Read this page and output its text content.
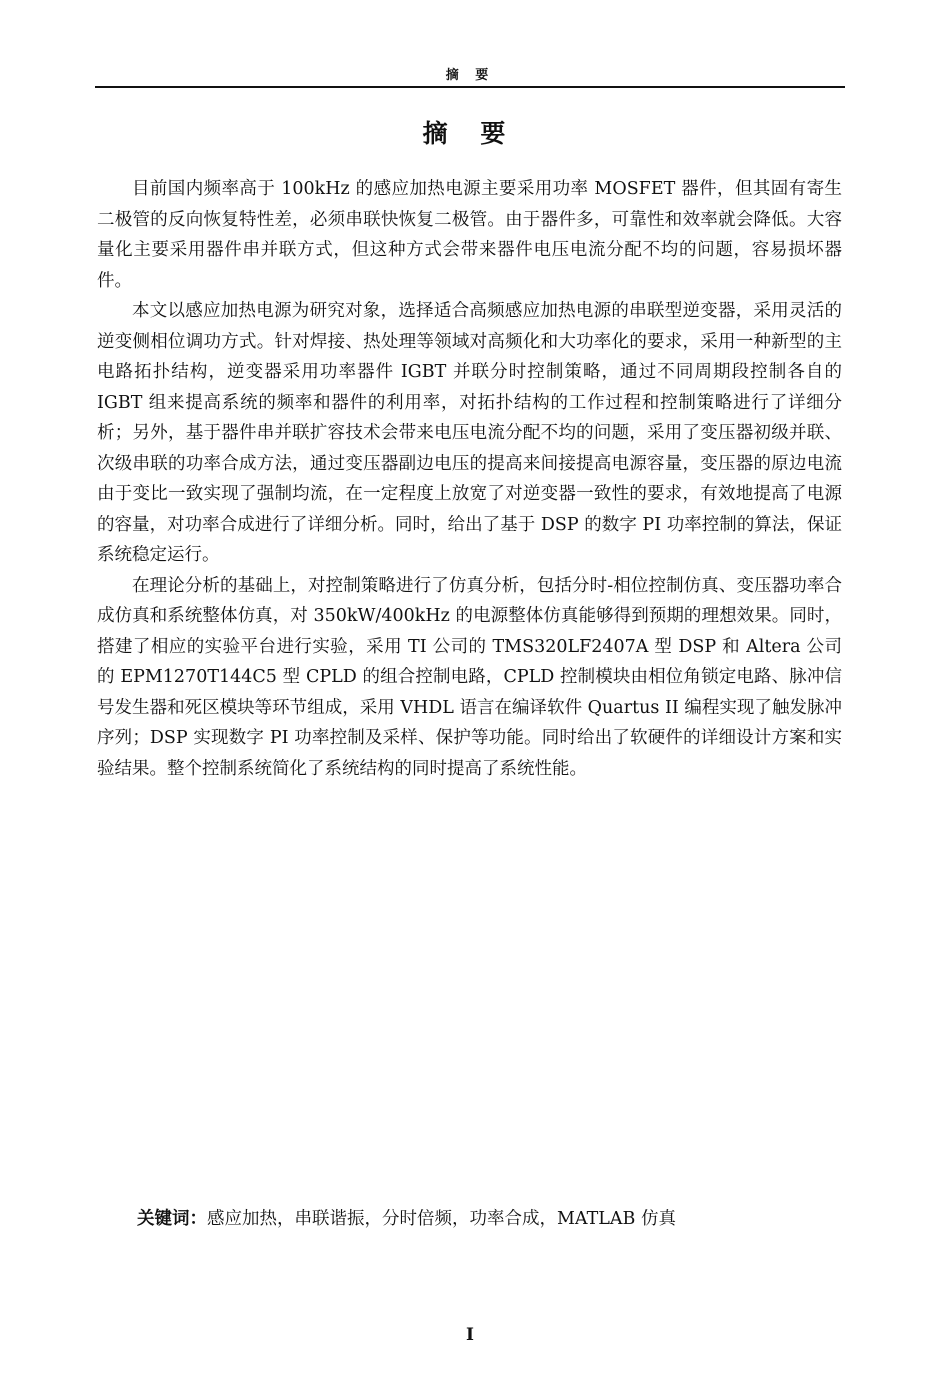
摘 要
摘 要

目前国内频率高于 100kHz 的感应加热电源主要采用功率 MOSFET 器件，但其固有寄生二极管的反向恢复特性差，必须串联快恢复二极管。由于器件多，可靠性和效率就会降低。大容量化主要采用器件串并联方式，但这种方式会带来器件电压电流分配不均的问题，容易损坏器件。

本文以感应加热电源为研究对象，选择适合高频感应加热电源的串联型逆变器，采用灵活的逆变侧相位调功方式。针对焊接、热处理等领域对高频化和大功率化的要求，采用一种新型的主电路拓扑结构，逆变器采用功率器件 IGBT 并联分时控制策略，通过不同周期段控制各自的 IGBT 组来提高系统的频率和器件的利用率，对拓扑结构的工作过程和控制策略进行了详细分析；另外，基于器件串并联扩容技术会带来电压电流分配不均的问题，采用了变压器初级并联、次级串联的功率合成方法，通过变压器副边电压的提高来间接提高电源容量，变压器的原边电流由于变比一致实现了强制均流，在一定程度上放宽了对逆变器一致性的要求，有效地提高了电源的容量，对功率合成进行了详细分析。同时，给出了基于 DSP 的数字 PI 功率控制的算法，保证系统稳定运行。

在理论分析的基础上，对控制策略进行了仿真分析，包括分时-相位控制仿真、变压器功率合成仿真和系统整体仿真，对 350kW/400kHz 的电源整体仿真能够得到预期的理想效果。同时，搭建了相应的实验平台进行实验，采用 TI 公司的 TMS320LF2407A 型 DSP 和 Altera 公司的 EPM1270T144C5 型 CPLD 的组合控制电路，CPLD 控制模块由相位角锁定电路、脉冲信号发生器和死区模块等环节组成，采用 VHDL 语言在编译软件 Quartus II 编程实现了触发脉冲序列；DSP 实现数字 PI 功率控制及采样、保护等功能。同时给出了软硬件的详细设计方案和实验结果。整个控制系统简化了系统结构的同时提高了系统性能。

关键词：感应加热，串联谐振，分时倍频，功率合成，MATLAB 仿真
I
